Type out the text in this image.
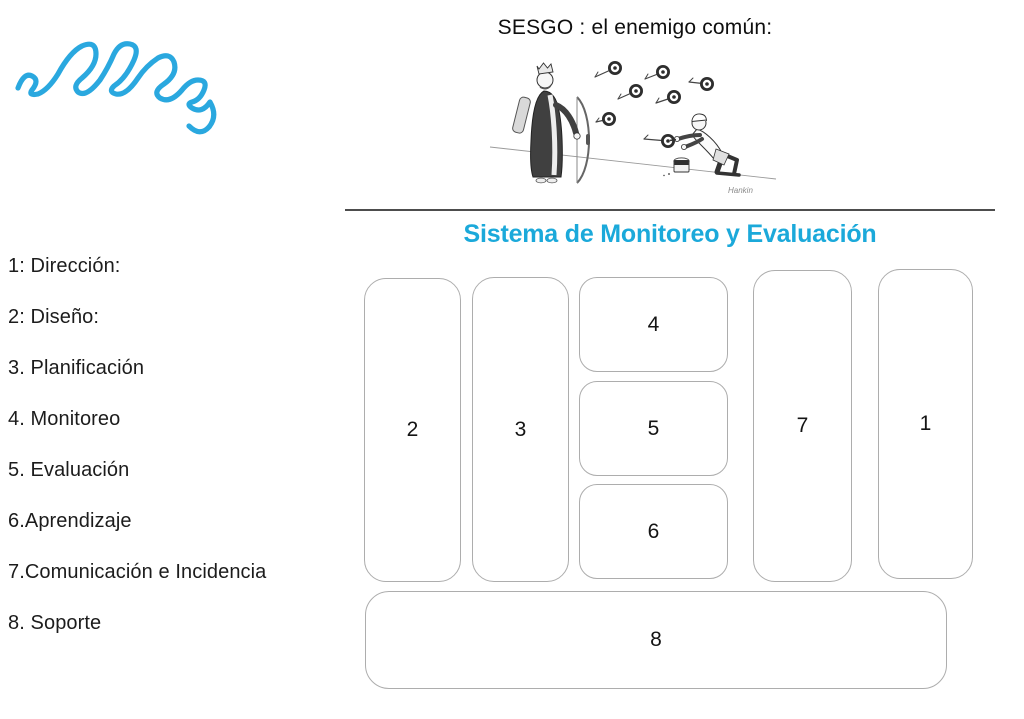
SESGO : el enemigo común:
Hankin
Sistema de Monitoreo y Evaluación
1: Dirección:
2: Diseño:
3. Planificación
4. Monitoreo
5. Evaluación
6.Aprendizaje
7.Comunicación e Incidencia
8. Soporte
2	3
4
5
6
7	1
8
